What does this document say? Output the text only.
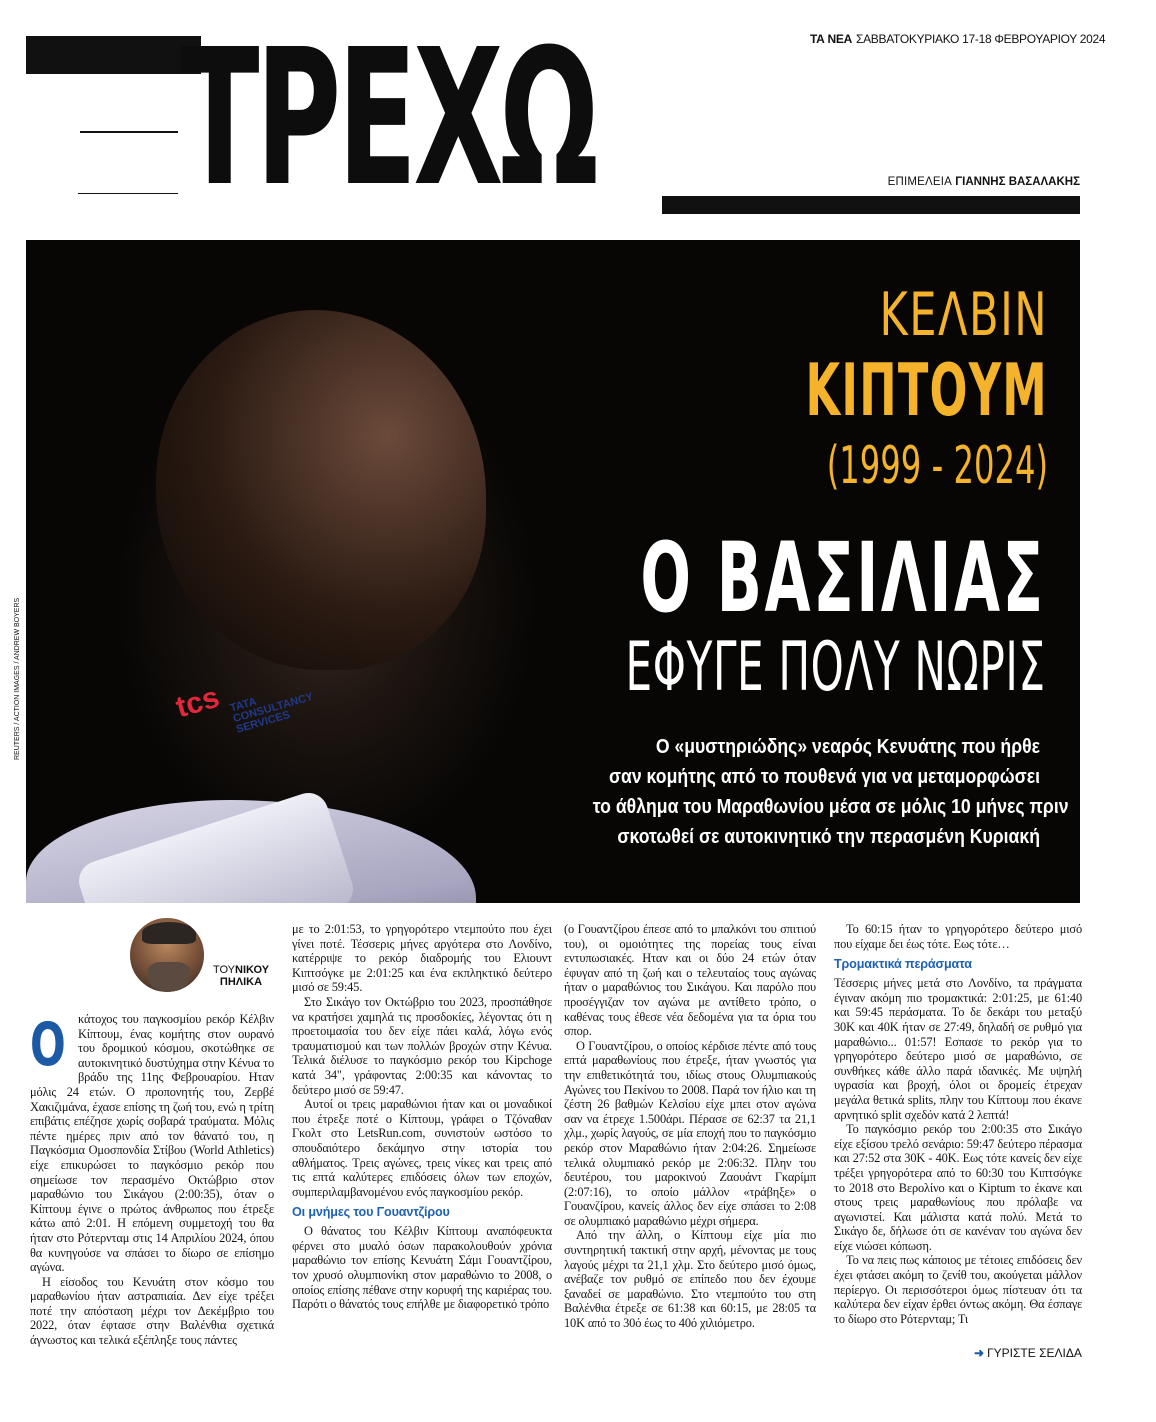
ΤΡΕΧΩ	ΤΑ ΝΕΑ ΣΑΒΒΑΤΟΚΥΡΙΑΚΟ 17-18 ΦΕΒΡΟΥΑΡΙΟΥ 2024
ΕΠΙΜΕΛΕΙΑ ΓΙΑΝΝΗΣ ΒΑΣΑΛΑΚΗΣ
tcs TATA
CONSULTANCY
SERVICES
ΚΕΛΒΙΝ
ΚΙΠΤΟΥΜ
(1999 - 2024)
Ο ΒΑΣΙΛΙΑΣ
ΕΦΥΓΕ ΠΟΛΥ ΝΩΡΙΣ
Ο «μυστηριώδης» νεαρός Κενυάτης που ήρθε
σαν κομήτης από το πουθενά για να μεταμορφώσει
το άθλημα του Μαραθωνίου μέσα σε μόλις 10 μήνες πριν
σκοτωθεί σε αυτοκινητικό την περασμένη Κυριακή
REUTERS / ACTION IMAGES / ANDREW BOYERS
ΤΟΥΝΙΚΟΥ
ΠΗΛΙΚΑ

Οκάτοχος του παγκοσμίου ρεκόρ Κέλβιν Κίπτουμ, ένας κομήτης στον ουρανό του δρομικού κόσμου, σκοτώθηκε σε αυτοκινητικό δυστύχημα στην Κένυα το βράδυ της 11ης Φεβρουαρίου. Ηταν μόλις 24 ετών. Ο προπονητής του, Ζερβέ Χακιζιμάνα, έχασε επίσης τη ζωή του, ενώ η τρίτη επιβάτις επέζησε χωρίς σοβαρά τραύματα. Μόλις πέντε ημέρες πριν από τον θάνατό του, η Παγκόσμια Ομοσπονδία Στίβου (World Athletics) είχε επικυρώσει το παγκόσμιο ρεκόρ που σημείωσε τον περασμένο Οκτώβριο στον μαραθώνιο του Σικάγου (2:00:35), όταν ο Κίπτουμ έγινε ο πρώτος άνθρωπος που έτρεξε κάτω από 2:01. Η επόμενη συμμετοχή του θα ήταν στο Ρότερνταμ στις 14 Απριλίου 2024, όπου θα κυνηγούσε να σπάσει το δίωρο σε επίσημο αγώνα.

Η είσοδος του Κενυάτη στον κόσμο του μαραθωνίου ήταν αστραπιαία. Δεν είχε τρέξει ποτέ την απόσταση μέχρι τον Δεκέμβριο του 2022, όταν έφτασε στην Βαλένθια σχετικά άγνωστος και τελικά εξέπληξε τους πάντες

με το 2:01:53, το γρηγορότερο ντεμπούτο που έχει γίνει ποτέ. Τέσσερις μήνες αργότερα στο Λονδίνο, κατέρριψε το ρεκόρ διαδρομής του Ελιουντ Κιπτσόγκε με 2:01:25 και ένα εκπληκτικό δεύτερο μισό σε 59:45.

Στο Σικάγο τον Οκτώβριο του 2023, προσπάθησε να κρατήσει χαμηλά τις προσδοκίες, λέγοντας ότι η προετοιμασία του δεν είχε πάει καλά, λόγω ενός τραυματισμού και των πολλών βροχών στην Κένυα. Τελικά διέλυσε το παγκόσμιο ρεκόρ του Kipchoge κατά 34", γράφοντας 2:00:35 και κάνοντας το δεύτερο μισό σε 59:47.

Αυτοί οι τρεις μαραθώνιοι ήταν και οι μοναδικοί που έτρεξε ποτέ ο Κίπτουμ, γράφει ο Τζόναθαν Γκολτ στο LetsRun.com, συνιστούν ωστόσο το σπουδαιότερο δεκάμηνο στην ιστορία του αθλήματος. Τρεις αγώνες, τρεις νίκες και τρεις από τις επτά καλύτερες επιδόσεις όλων των εποχών, συμπεριλαμβανομένου ενός παγκοσμίου ρεκόρ.

Οι μνήμες του Γουαντζίρου

Ο θάνατος του Κέλβιν Κίπτουμ αναπόφευκτα φέρνει στο μυαλό όσων παρακολουθούν χρόνια μαραθώνιο τον επίσης Κενυάτη Σάμι Γουαντζίρου, τον χρυσό ολυμπιονίκη στον μαραθώνιο το 2008, ο οποίος επίσης πέθανε στην κορυφή της καριέρας του. Παρότι ο θάνατός τους επήλθε με διαφορετικό τρόπο

(ο Γουαντζίρου έπεσε από το μπαλκόνι του σπιτιού του), οι ομοιότητες της πορείας τους είναι εντυπωσιακές. Ηταν και οι δύο 24 ετών όταν έφυγαν από τη ζωή και ο τελευταίος τους αγώνας ήταν ο μαραθώνιος του Σικάγου. Και παρόλο που προσέγγιζαν τον αγώνα με αντίθετο τρόπο, ο καθένας τους έθεσε νέα δεδομένα για τα όρια του σπορ.

Ο Γουαντζίρου, ο οποίος κέρδισε πέντε από τους επτά μαραθωνίους που έτρεξε, ήταν γνωστός για την επιθετικότητά του, ιδίως στους Ολυμπιακούς Αγώνες του Πεκίνου το 2008. Παρά τον ήλιο και τη ζέστη 26 βαθμών Κελσίου είχε μπει στον αγώνα σαν να έτρεχε 1.500άρι. Πέρασε σε 62:37 τα 21,1 χλμ., χωρίς λαγούς, σε μία εποχή που το παγκόσμιο ρεκόρ στον Μαραθώνιο ήταν 2:04:26. Σημείωσε τελικά ολυμπιακό ρεκόρ με 2:06:32. Πλην του δευτέρου, του μαροκινού Ζαουάντ Γκαρίμπ (2:07:16), το οποίο μάλλον «τράβηξε» ο Γουανζίρου, κανείς άλλος δεν είχε σπάσει το 2:08 σε ολυμπιακό μαραθώνιο μέχρι σήμερα.

Από την άλλη, ο Κίπτουμ είχε μία πιο συντηρητική τακτική στην αρχή, μένοντας με τους λαγούς μέχρι τα 21,1 χλμ. Στο δεύτερο μισό όμως, ανέβαζε τον ρυθμό σε επίπεδο που δεν έχουμε ξαναδεί σε μαραθώνιο. Στο ντεμπούτο του στη Βαλένθια έτρεξε σε 61:38 και 60:15, με 28:05 τα 10Κ από το 30ό έως το 40ό χιλιόμετρο.

Το 60:15 ήταν το γρηγορότερο δεύτερο μισό που είχαμε δει έως τότε. Εως τότε…

Τρομακτικά περάσματα

Τέσσερις μήνες μετά στο Λονδίνο, τα πράγματα έγιναν ακόμη πιο τρομακτικά: 2:01:25, με 61:40 και 59:45 περάσματα. Το δε δεκάρι του μεταξύ 30Κ και 40Κ ήταν σε 27:49, δηλαδή σε ρυθμό για μαραθώνιο... 01:57! Εσπασε το ρεκόρ για το γρηγορότερο δεύτερο μισό σε μαραθώνιο, σε συνθήκες κάθε άλλο παρά ιδανικές. Με υψηλή υγρασία και βροχή, όλοι οι δρομείς έτρεχαν μεγάλα θετικά splits, πλην του Κίπτουμ που έκανε αρνητικό split σχεδόν κατά 2 λεπτά!

Το παγκόσμιο ρεκόρ του 2:00:35 στο Σικάγο είχε εξίσου τρελό σενάριο: 59:47 δεύτερο πέρασμα και 27:52 στα 30Κ - 40Κ. Εως τότε κανείς δεν είχε τρέξει γρηγορότερα από το 60:30 του Κιπτσόγκε το 2018 στο Βερολίνο και ο Kiptum το έκανε και στους τρεις μαραθωνίους που πρόλαβε να αγωνιστεί. Και μάλιστα κατά πολύ. Μετά το Σικάγο δε, δήλωσε ότι σε κανέναν του αγώνα δεν είχε νιώσει κόπωση.

Το να πεις πως κάποιος με τέτοιες επιδόσεις δεν έχει φτάσει ακόμη το ζενίθ του, ακούγεται μάλλον περίεργο. Οι περισσότεροι όμως πίστευαν ότι τα καλύτερα δεν είχαν έρθει όντως ακόμη. Θα έσπαγε το δίωρο στο Ρότερνταμ; Τι

➜ ΓΥΡΙΣΤΕ ΣΕΛΙΔΑ
